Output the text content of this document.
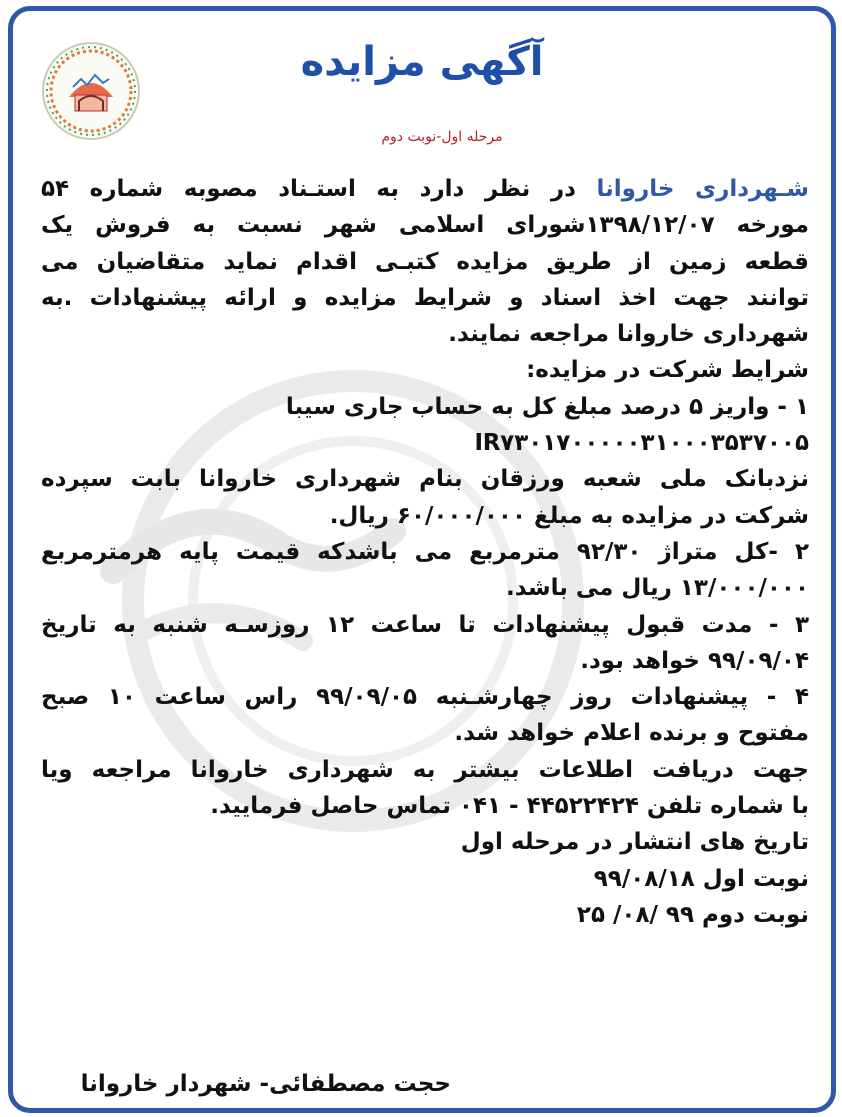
آگهی مزایده
مرحله اول-نوبت دوم
شـهرداری خاروانا در نظر دارد به استـناد مصوبه شماره ۵۴
مورخه ۱۳۹۸/۱۲/۰۷شورای اسلامی شهر نسبت به فروش یک
قطعه زمین از طریق مزایده کتبـی اقدام نماید متقاضیان می
توانند جهت اخذ اسناد و شرایط مزایده و ارائه پیشنهادات .به
شهرداری خاروانا مراجعه نمایند.
شرایط شرکت در مزایده:
۱ - واریز ۵ درصد مبلغ کل به حساب جاری سیبا
IR۷۳۰۱۷۰۰۰۰۰۳۱۰۰۰۳۵۳۷۰۰۵
نزدبانک ملی شعبه ورزقان بنام شهرداری خاروانا بابت سپرده
شرکت در مزایده به مبلغ ۶۰/۰۰۰/۰۰۰ ریال.
۲ -کل متراژ ۹۲/۳۰ مترمربع می باشدکه قیمت پایه هرمترمربع
۱۳/۰۰۰/۰۰۰ ریال می باشد.
۳ - مدت قبول پیشنهادات تا ساعت ۱۲ روزسـه شنبه به تاریخ
۹۹/۰۹/۰۴ خواهد بود.
۴ - پیشنهادات روز چهارشـنبه ۹۹/۰۹/۰۵ راس ساعت ۱۰ صبح
مفتوح و برنده اعلام خواهد شد.
جهت دریافت اطلاعات بیشتر به شهرداری خاروانا مراجعه ویا
با شماره تلفن ۴۴۵۲۲۴۲۴ - ۰۴۱ تماس حاصل فرمایید.
تاریخ های انتشار در مرحله اول
نوبت اول ۹۹/۰۸/۱۸
نوبت دوم ۹۹ /۰۸/ ۲۵
حجت مصطفائی- شهردار خاروانا
